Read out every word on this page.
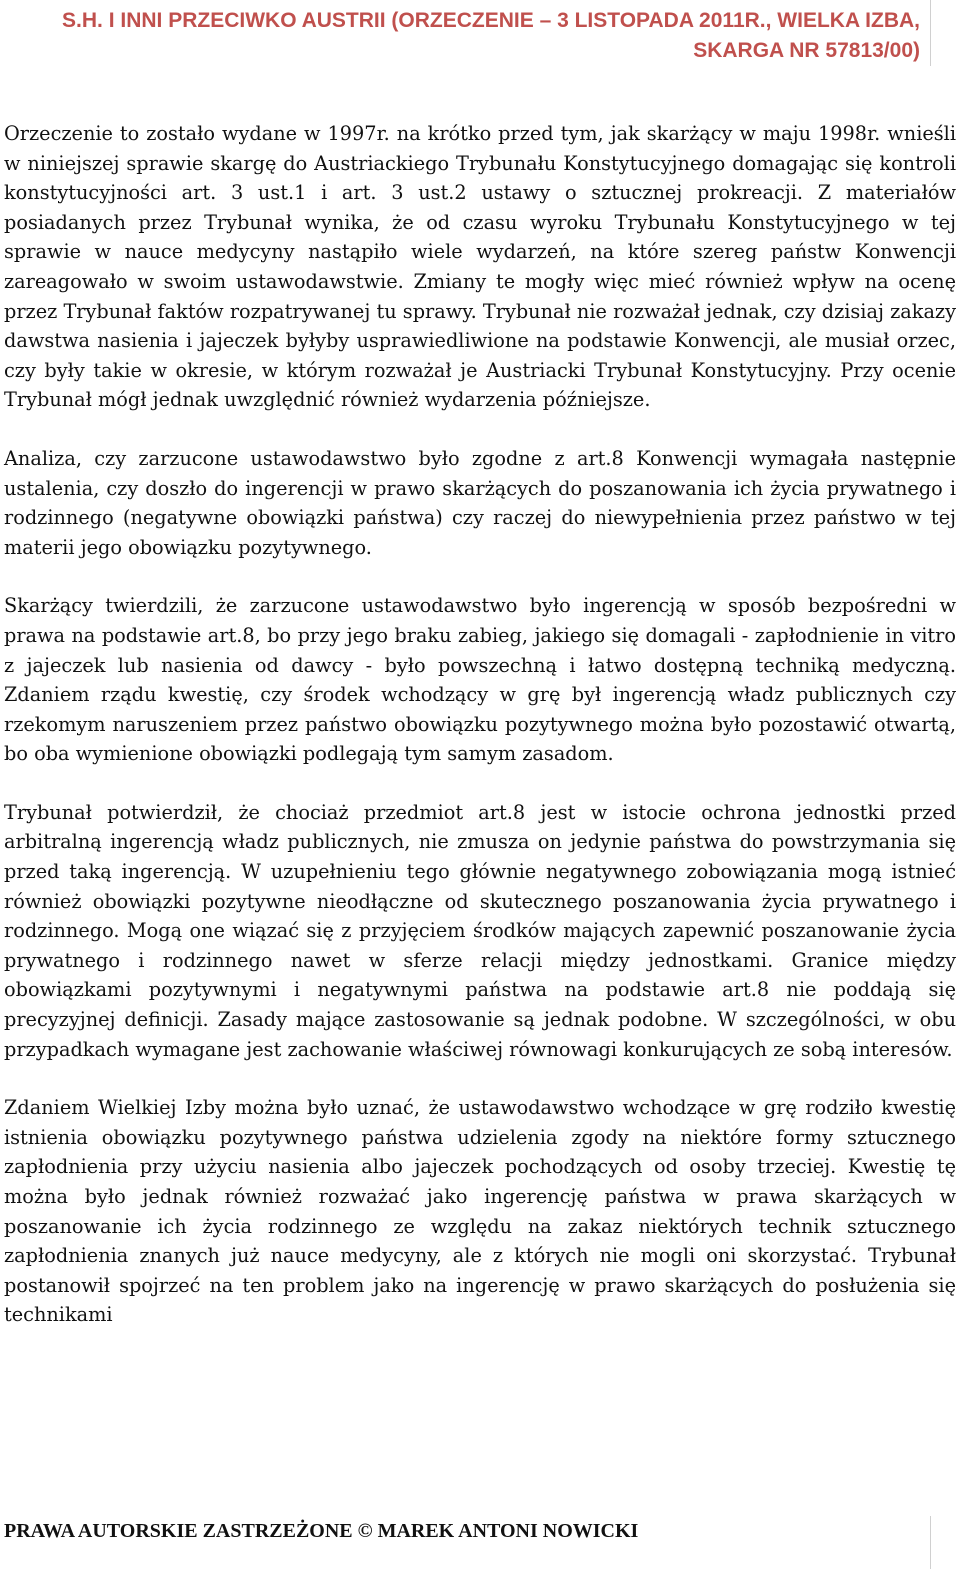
S.H. I INNI PRZECIWKO AUSTRII (ORZECZENIE – 3 LISTOPADA 2011R., WIELKA IZBA, SKARGA NR 57813/00)

Orzeczenie to zostało wydane w 1997r. na krótko przed tym, jak skarżący w maju 1998r. wnieśli w niniejszej sprawie skargę do Austriackiego Trybunału Konstytucyjnego domagając się kontroli konstytucyjności art. 3 ust.1 i art. 3 ust.2 ustawy o sztucznej prokreacji. Z materiałów posiadanych przez Trybunał wynika, że od czasu wyroku Trybunału Konstytucyjnego w tej sprawie w nauce medycyny nastąpiło wiele wydarzeń, na które szereg państw Konwencji zareagowało w swoim ustawodawstwie. Zmiany te mogły więc mieć również wpływ na ocenę przez Trybunał faktów rozpatrywanej tu sprawy. Trybunał nie rozważał jednak, czy dzisiaj zakazy dawstwa nasienia i jajeczek byłyby usprawiedliwione na podstawie Konwencji, ale musiał orzec, czy były takie w okresie, w którym rozważał je Austriacki Trybunał Konstytucyjny. Przy ocenie Trybunał mógł jednak uwzględnić również wydarzenia późniejsze.

Analiza, czy zarzucone ustawodawstwo było zgodne z art.8 Konwencji wymagała następnie ustalenia, czy doszło do ingerencji w prawo skarżących do poszanowania ich życia prywatnego i rodzinnego (negatywne obowiązki państwa) czy raczej do niewypełnienia przez państwo w tej materii jego obowiązku pozytywnego.

Skarżący twierdzili, że zarzucone ustawodawstwo było ingerencją w sposób bezpośredni w prawa na podstawie art.8, bo przy jego braku zabieg, jakiego się domagali - zapłodnienie in vitro z jajeczek lub nasienia od dawcy - było powszechną i łatwo dostępną techniką medyczną. Zdaniem rządu kwestię, czy środek wchodzący w grę był ingerencją władz publicznych czy rzekomym naruszeniem przez państwo obowiązku pozytywnego można było pozostawić otwartą, bo oba wymienione obowiązki podlegają tym samym zasadom.

Trybunał potwierdził, że chociaż przedmiot art.8 jest w istocie ochrona jednostki przed arbitralną ingerencją władz publicznych, nie zmusza on jedynie państwa do powstrzymania się przed taką ingerencją. W uzupełnieniu tego głównie negatywnego zobowiązania mogą istnieć również obowiązki pozytywne nieodłączne od skutecznego poszanowania życia prywatnego i rodzinnego. Mogą one wiązać się z przyjęciem środków mających zapewnić poszanowanie życia prywatnego i rodzinnego nawet w sferze relacji między jednostkami. Granice między obowiązkami pozytywnymi i negatywnymi państwa na podstawie art.8 nie poddają się precyzyjnej definicji. Zasady mające zastosowanie są jednak podobne. W szczególności, w obu przypadkach wymagane jest zachowanie właściwej równowagi konkurujących ze sobą interesów.

Zdaniem Wielkiej Izby można było uznać, że ustawodawstwo wchodzące w grę rodziło kwestię istnienia obowiązku pozytywnego państwa udzielenia zgody na niektóre formy sztucznego zapłodnienia przy użyciu nasienia albo jajeczek pochodzących od osoby trzeciej. Kwestię tę można było jednak również rozważać jako ingerencję państwa w prawa skarżących w poszanowanie ich życia rodzinnego ze względu na zakaz niektórych technik sztucznego zapłodnienia znanych już nauce medycyny, ale z których nie mogli oni skorzystać. Trybunał postanowił spojrzeć na ten problem jako na ingerencję w prawo skarżących do posłużenia się technikami

PRAWA AUTORSKIE ZASTRZEŻONE © MAREK ANTONI NOWICKI
